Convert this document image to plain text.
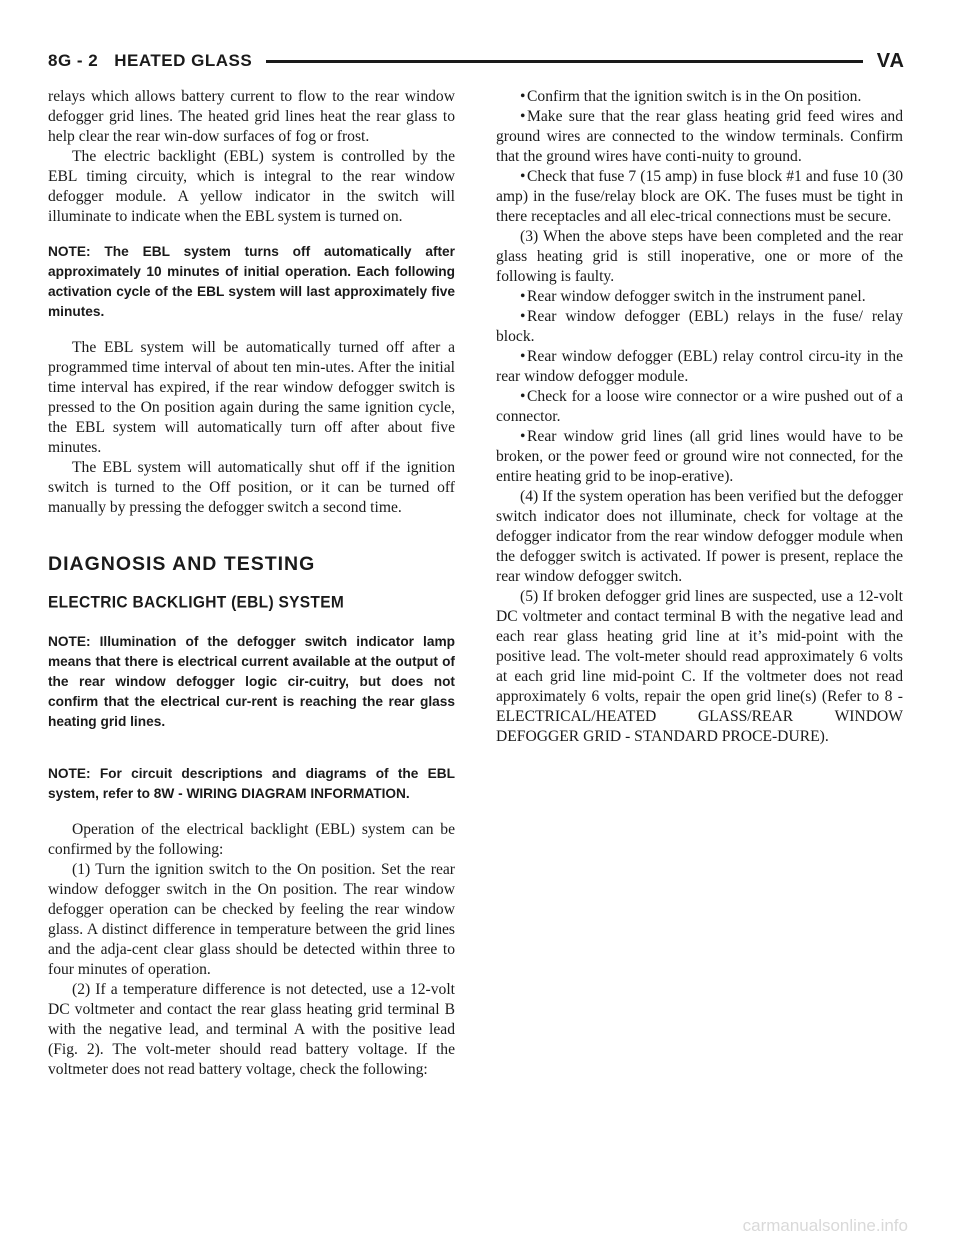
8G - 2 HEATED GLASS	VA

relays which allows battery current to flow to the rear window defogger grid lines. The heated grid lines heat the rear glass to help clear the rear win-dow surfaces of fog or frost.

The electric backlight (EBL) system is controlled by the EBL timing circuity, which is integral to the rear window defogger module. A yellow indicator in the switch will illuminate to indicate when the EBL system is turned on.

NOTE: The EBL system turns off automatically after approximately 10 minutes of initial operation. Each following activation cycle of the EBL system will last approximately five minutes.

The EBL system will be automatically turned off after a programmed time interval of about ten min-utes. After the initial time interval has expired, if the rear window defogger switch is pressed to the On position again during the same ignition cycle, the EBL system will automatically turn off after about five minutes.

The EBL system will automatically shut off if the ignition switch is turned to the Off position, or it can be turned off manually by pressing the defogger switch a second time.

DIAGNOSIS AND TESTING

ELECTRIC BACKLIGHT (EBL) SYSTEM

NOTE: Illumination of the defogger switch indicator lamp means that there is electrical current available at the output of the rear window defogger logic cir-cuitry, but does not confirm that the electrical cur-rent is reaching the rear glass heating grid lines.

NOTE: For circuit descriptions and diagrams of the EBL system, refer to 8W - WIRING DIAGRAM INFORMATION.

Operation of the electrical backlight (EBL) system can be confirmed by the following:

(1) Turn the ignition switch to the On position. Set the rear window defogger switch in the On position. The rear window defogger operation can be checked by feeling the rear window glass. A distinct difference in temperature between the grid lines and the adja-cent clear glass should be detected within three to four minutes of operation.

(2) If a temperature difference is not detected, use a 12-volt DC voltmeter and contact the rear glass heating grid terminal B with the negative lead, and terminal A with the positive lead (Fig. 2). The volt-meter should read battery voltage. If the voltmeter does not read battery voltage, check the following:

•Confirm that the ignition switch is in the On position.

•Make sure that the rear glass heating grid feed wires and ground wires are connected to the window terminals. Confirm that the ground wires have conti-nuity to ground.

•Check that fuse 7 (15 amp) in fuse block #1 and fuse 10 (30 amp) in the fuse/relay block are OK. The fuses must be tight in there receptacles and all elec-trical connections must be secure.

(3) When the above steps have been completed and the rear glass heating grid is still inoperative, one or more of the following is faulty.

•Rear window defogger switch in the instrument panel.

•Rear window defogger (EBL) relays in the fuse/ relay block.

•Rear window defogger (EBL) relay control circu-ity in the rear window defogger module.

•Check for a loose wire connector or a wire pushed out of a connector.

•Rear window grid lines (all grid lines would have to be broken, or the power feed or ground wire not connected, for the entire heating grid to be inop-erative).

(4) If the system operation has been verified but the defogger switch indicator does not illuminate, check for voltage at the defogger indicator from the rear window defogger module when the defogger switch is activated. If power is present, replace the rear window defogger switch.

(5) If broken defogger grid lines are suspected, use a 12-volt DC voltmeter and contact terminal B with the negative lead and each rear glass heating grid line at it’s mid-point with the positive lead. The volt-meter should read approximately 6 volts at each grid line mid-point C. If the voltmeter does not read approximately 6 volts, repair the open grid line(s) (Refer to 8 - ELECTRICAL/HEATED GLASS/REAR WINDOW DEFOGGER GRID - STANDARD PROCE-DURE).

carmanualsonline.info
